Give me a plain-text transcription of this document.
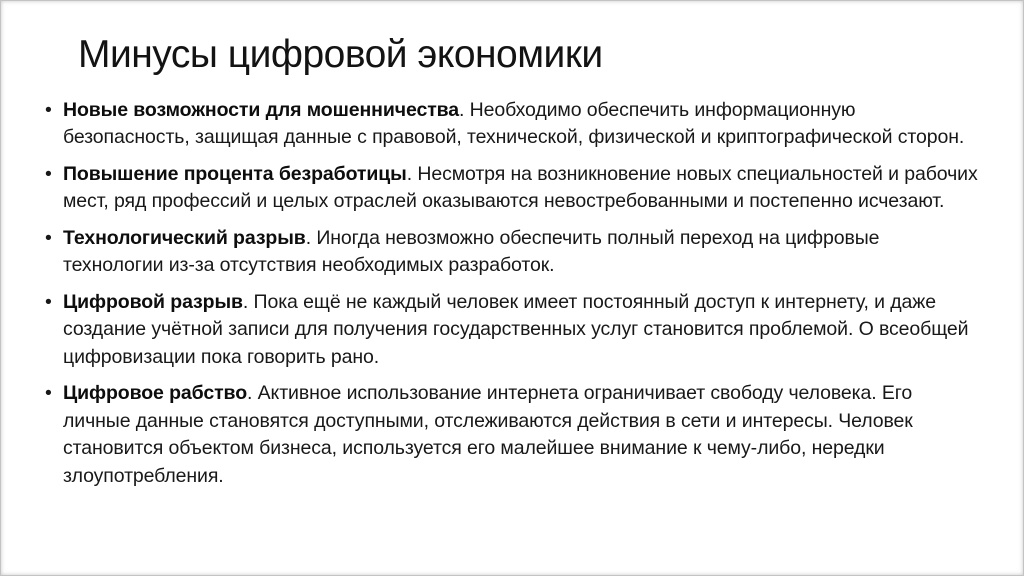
Минусы цифровой экономики
• Новые возможности для мошенничества. Необходимо обеспечить информационную безопасность, защищая данные с правовой, технической, физической и криптографической сторон.
• Повышение процента безработицы. Несмотря на возникновение новых специальностей и рабочих мест, ряд профессий и целых отраслей оказываются невостребованными и постепенно исчезают.
• Технологический разрыв. Иногда невозможно обеспечить полный переход на цифровые технологии из-за отсутствия необходимых разработок.
• Цифровой разрыв. Пока ещё не каждый человек имеет постоянный доступ к интернету, и даже создание учётной записи для получения государственных услуг становится проблемой. О всеобщей цифровизации пока говорить рано.
• Цифровое рабство. Активное использование интернета ограничивает свободу человека. Его личные данные становятся доступными, отслеживаются действия в сети и интересы. Человек становится объектом бизнеса, используется его малейшее внимание к чему-либо, нередки злоупотребления.
